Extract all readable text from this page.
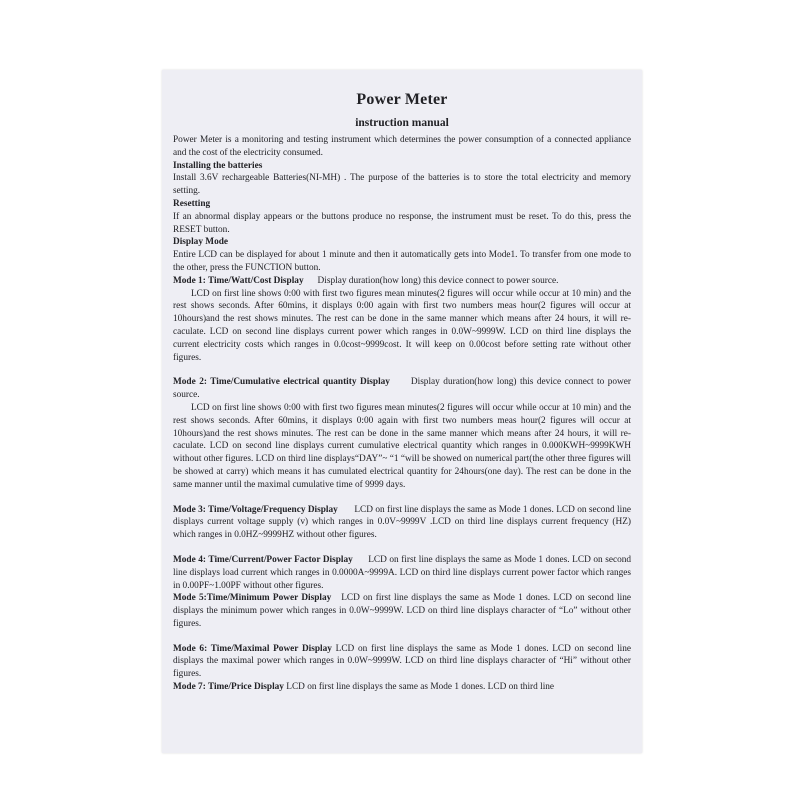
Power Meter
instruction manual

Power Meter is a monitoring and testing instrument which determines the power consumption of a connected appliance and the cost of the electricity consumed.

Installing the batteries

Install 3.6V rechargeable Batteries(NI-MH) . The purpose of the batteries is to store the total electricity and memory setting.

Resetting

If an abnormal display appears or the buttons produce no response, the instrument must be reset. To do this, press the RESET button.

Display Mode

Entire LCD can be displayed for about 1 minute and then it automatically gets into Mode1. To transfer from one mode to the other, press the FUNCTION button.

Mode 1: Time/Watt/Cost Display Display duration(how long) this device connect to power source.

LCD on first line shows 0:00 with first two figures mean minutes(2 figures will occur while occur at 10 min) and the rest shows seconds. After 60mins, it displays 0:00 again with first two numbers meas hour(2 figures will occur at 10hours)and the rest shows minutes. The rest can be done in the same manner which means after 24 hours, it will re-caculate. LCD on second line displays current power which ranges in 0.0W~9999W. LCD on third line displays the current electricity costs which ranges in 0.0cost~9999cost. It will keep on 0.00cost before setting rate without other figures.

Mode 2: Time/Cumulative electrical quantity Display Display duration(how long) this device connect to power source.

LCD on first line shows 0:00 with first two figures mean minutes(2 figures will occur while occur at 10 min) and the rest shows seconds. After 60mins, it displays 0:00 again with first two numbers meas hour(2 figures will occur at 10hours)and the rest shows minutes. The rest can be done in the same manner which means after 24 hours, it will re-caculate. LCD on second line displays current cumulative electrical quantity which ranges in 0.000KWH~9999KWH without other figures. LCD on third line displays“DAY”~ “1 “will be showed on numerical part(the other three figures will be showed at carry) which means it has cumulated electrical quantity for 24hours(one day). The rest can be done in the same manner until the maximal cumulative time of 9999 days.

Mode 3: Time/Voltage/Frequency Display LCD on first line displays the same as Mode 1 dones. LCD on second line displays current voltage supply (v) which ranges in 0.0V~9999V .LCD on third line displays current frequency (HZ) which ranges in 0.0HZ~9999HZ without other figures.

Mode 4: Time/Current/Power Factor Display LCD on first line displays the same as Mode 1 dones. LCD on second line displays load current which ranges in 0.0000A~9999A. LCD on third line displays current power factor which ranges in 0.00PF~1.00PF without other figures.

Mode 5:Time/Minimum Power Display LCD on first line displays the same as Mode 1 dones. LCD on second line displays the minimum power which ranges in 0.0W~9999W. LCD on third line displays character of “Lo” without other figures.

Mode 6: Time/Maximal Power Display LCD on first line displays the same as Mode 1 dones. LCD on second line displays the maximal power which ranges in 0.0W~9999W. LCD on third line displays character of “Hi” without other figures.

Mode 7: Time/Price Display LCD on first line displays the same as Mode 1 dones. LCD on third line
